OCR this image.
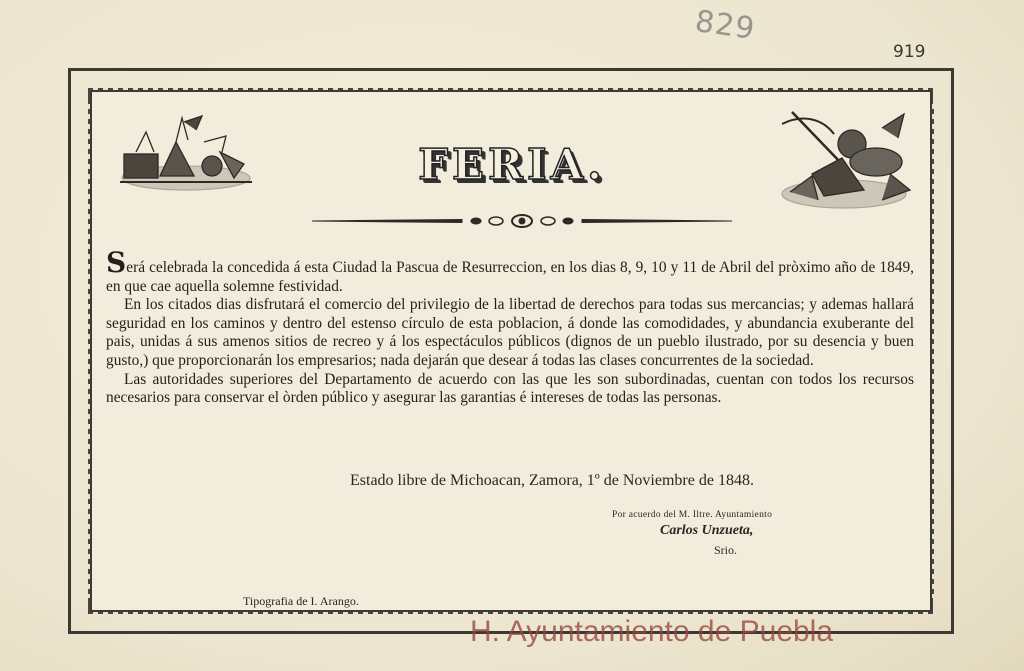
829
919
FERIA.

Será celebrada la concedida á esta Ciudad la Pascua de Resurreccion, en los dias 8, 9, 10 y 11 de Abril del pròximo año de 1849, en que cae aquella solemne festividad.

En los citados dias disfrutará el comercio del privilegio de la libertad de derechos para todas sus mercancias; y ademas hallará seguridad en los caminos y dentro del estenso círculo de esta poblacion, á donde las comodidades, y abundancia exuberante del pais, unidas á sus amenos sitios de recreo y á los espectáculos públicos (dignos de un pueblo ilustrado, por su desencia y buen gusto,) que proporcionarán los empresarios; nada dejarán que desear á todas las clases concurrentes de la sociedad.

Las autoridades superiores del Departamento de acuerdo con las que les son subordinadas, cuentan con todos los recursos necesarios para conservar el òrden público y asegurar las garantias é intereses de todas las personas.

Estado libre de Michoacan, Zamora, 1º de Noviembre de 1848.
Por acuerdo del M. Iltre. Ayuntamiento
Carlos Unzueta,
Srio.
Tipografia de I. Arango.
H. Ayuntamiento de Puebla
